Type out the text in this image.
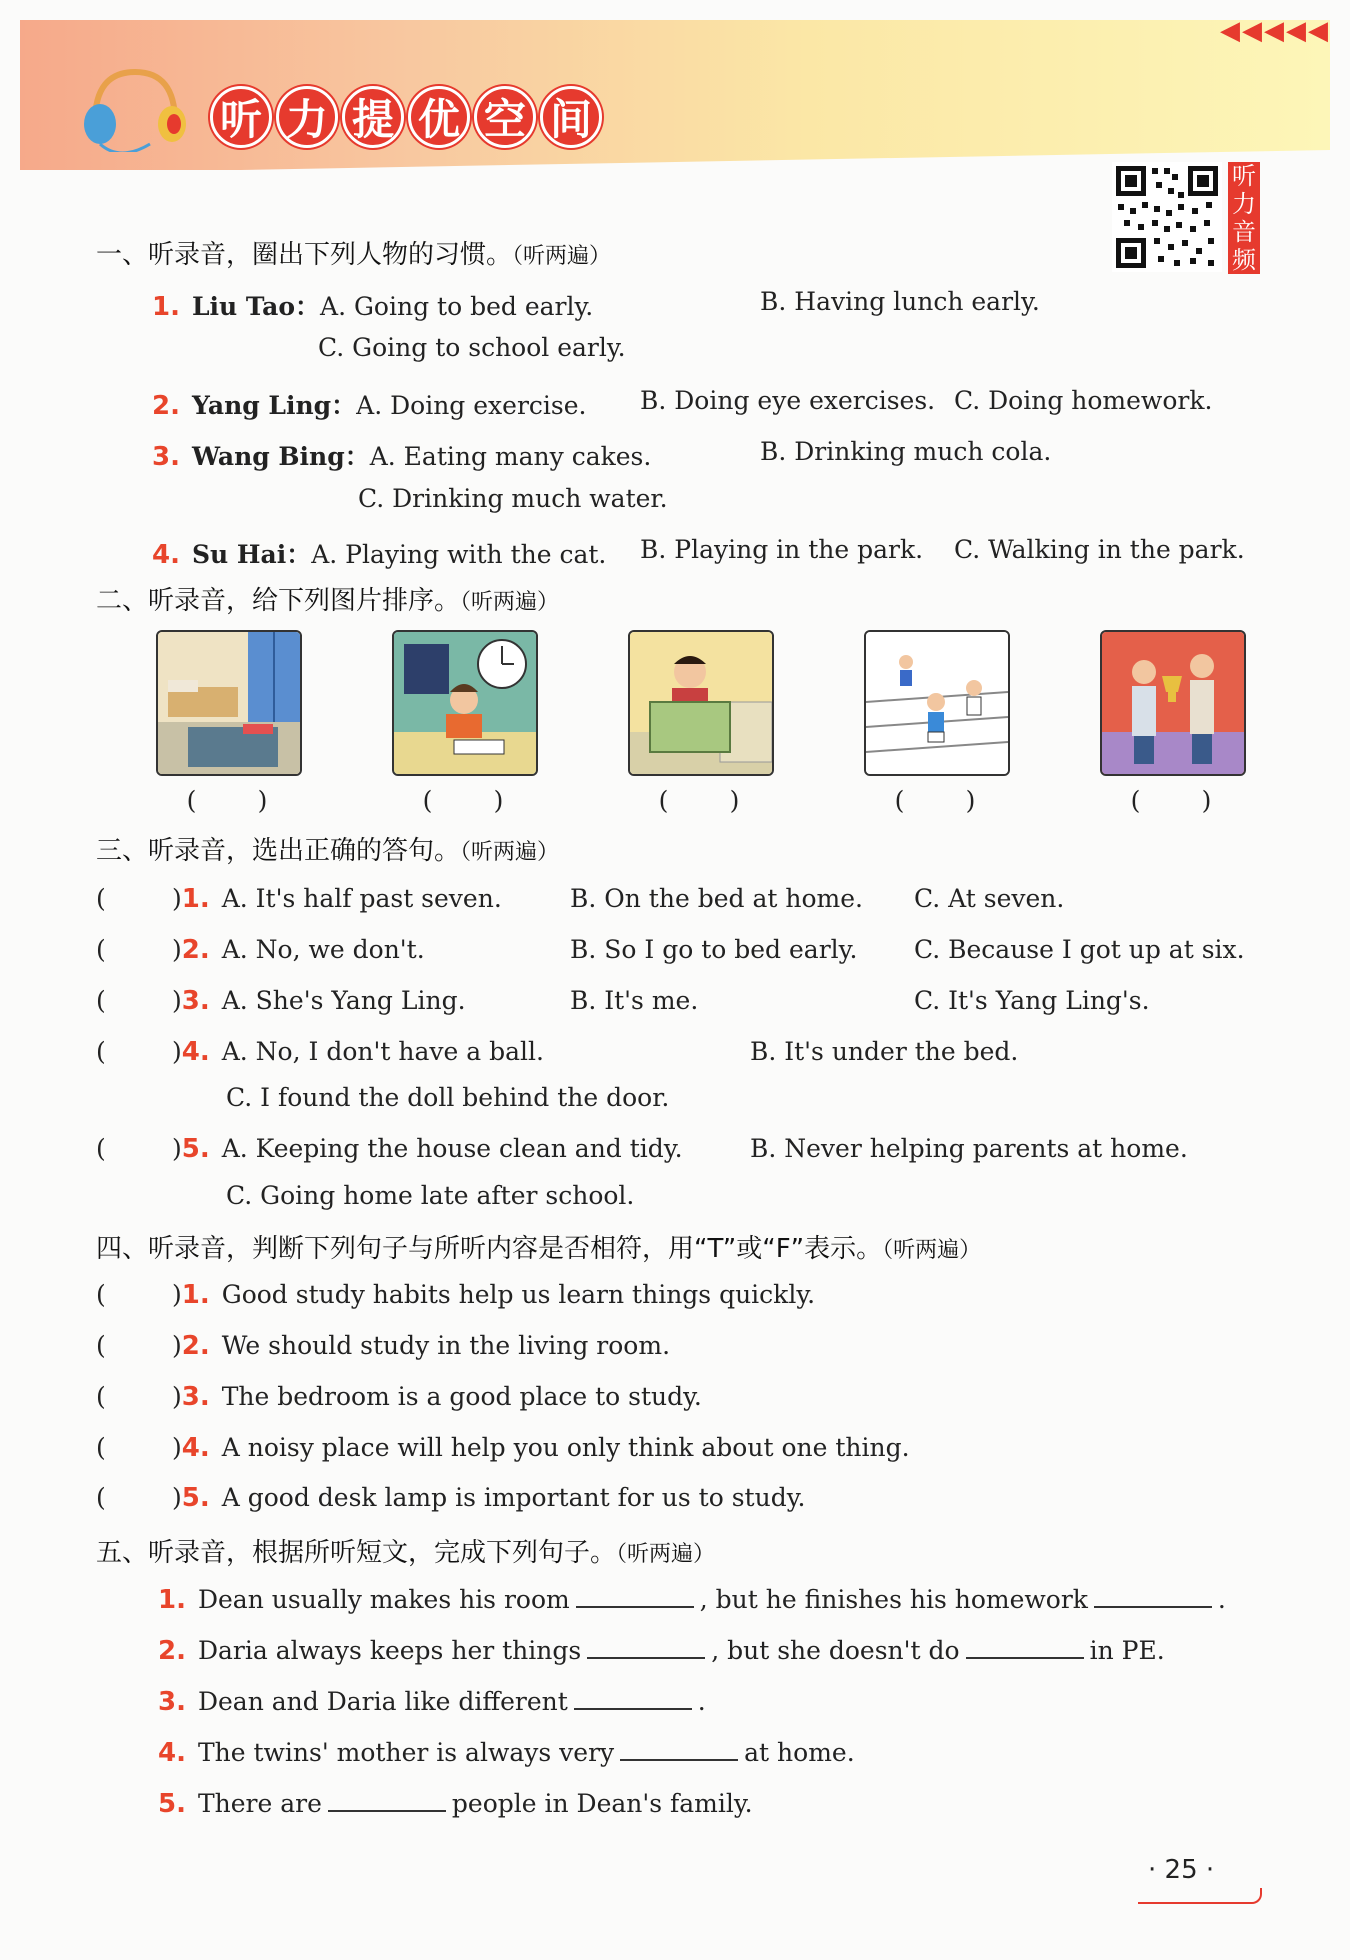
◀◀◀◀◀
听 力 提 优 空 间
听
力
音
频
一、听录音，圈出下列人物的习惯。（听两遍）
1. Liu Tao：A. Going to bed early.	B. Having lunch early.
C. Going to school early.
2. Yang Ling：A. Doing exercise. B. Doing eye exercises. C. Doing homework.
3. Wang Bing：A. Eating many cakes.	B. Drinking much cola.
C. Drinking much water.
4. Su Hai：A. Playing with the cat. B. Playing in the park. C. Walking in the park.
二、听录音，给下列图片排序。（听两遍）
( )	( )	( )	( )	( )
三、听录音，选出正确的答句。（听两遍）
(	)1. A. It's half past seven.	B. On the bed at home. C. At seven.
(	)2. A. No, we don't.	B. So I go to bed early. C. Because I got up at six.
(	)3. A. She's Yang Ling.	B. It's me.	C. It's Yang Ling's.
(	)4. A. No, I don't have a ball.	B. It's under the bed.
C. I found the doll behind the door.
(	)5. A. Keeping the house clean and tidy.	B. Never helping parents at home.
C. Going home late after school.
四、听录音，判断下列句子与所听内容是否相符，用“T”或“F”表示。（听两遍）
(	)1. Good study habits help us learn things quickly.
(	)2. We should study in the living room.
(	)3. The bedroom is a good place to study.
(	)4. A noisy place will help you only think about one thing.
(	)5. A good desk lamp is important for us to study.
五、听录音，根据所听短文，完成下列句子。（听两遍）
1. Dean usually makes his room	, but he finishes his homework	.
2. Daria always keeps her things	, but she doesn't do	in PE.
3. Dean and Daria like different	.
4. The twins' mother is always very	at home.
5. There are	people in Dean's family.
· 25 ·
